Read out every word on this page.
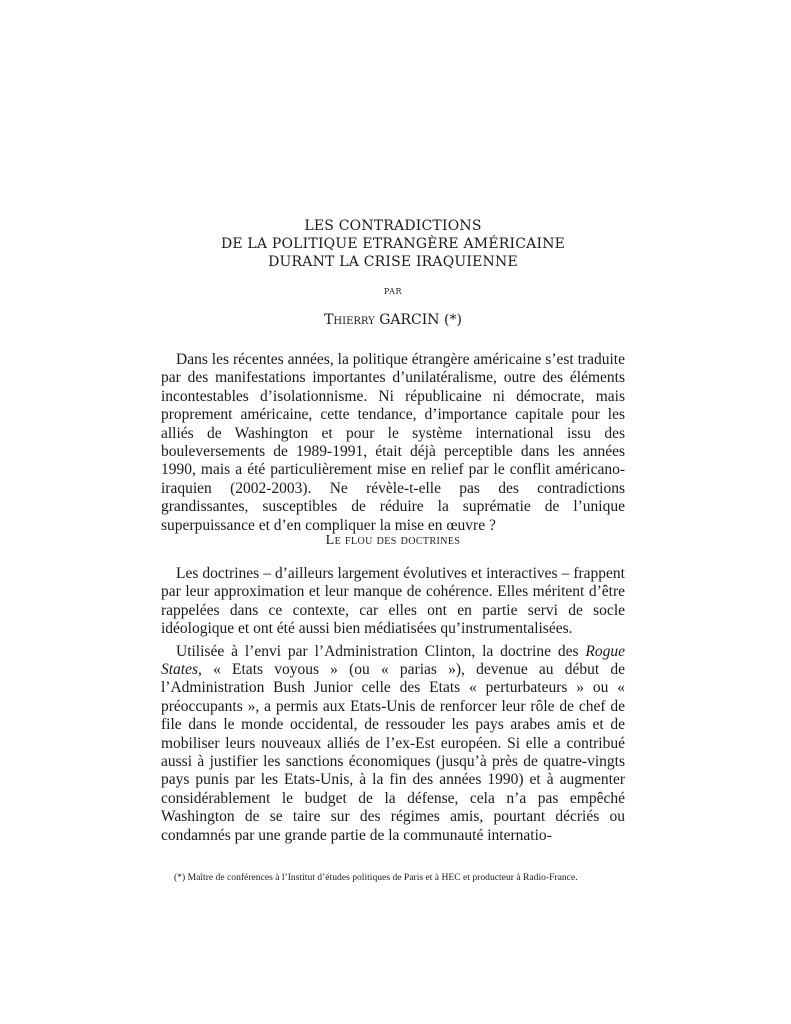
LES CONTRADICTIONS
DE LA POLITIQUE ETRANGÈRE AMÉRICAINE
DURANT LA CRISE IRAQUIENNE
PAR
Thierry GARCIN (*)

Dans les récentes années, la politique étrangère américaine s’est traduite par des manifestations importantes d’unilatéralisme, outre des éléments incontestables d’isolationnisme. Ni républicaine ni démocrate, mais proprement américaine, cette tendance, d’importance capitale pour les alliés de Washington et pour le système international issu des bouleversements de 1989-1991, était déjà perceptible dans les années 1990, mais a été particulièrement mise en relief par le conflit américano-iraquien (2002-2003). Ne révèle-t-elle pas des contradictions grandissantes, susceptibles de réduire la suprématie de l’unique superpuissance et d’en compliquer la mise en œuvre ?

Le flou des doctrines

Les doctrines – d’ailleurs largement évolutives et interactives – frappent par leur approximation et leur manque de cohérence. Elles méritent d’être rappelées dans ce contexte, car elles ont en partie servi de socle idéologique et ont été aussi bien médiatisées qu’instrumentalisées.

Utilisée à l’envi par l’Administration Clinton, la doctrine des Rogue States, « Etats voyous » (ou « parias »), devenue au début de l’Administration Bush Junior celle des Etats « perturbateurs » ou « préoccupants », a permis aux Etats-Unis de renforcer leur rôle de chef de file dans le monde occidental, de ressouder les pays arabes amis et de mobiliser leurs nouveaux alliés de l’ex-Est européen. Si elle a contribué aussi à justifier les sanctions économiques (jusqu’à près de quatre-vingts pays punis par les Etats-Unis, à la fin des années 1990) et à augmenter considérablement le budget de la défense, cela n’a pas empêché Washington de se taire sur des régimes amis, pourtant décriés ou condamnés par une grande partie de la communauté internatio-

(*) Maître de conférences à l’Institut d’études politiques de Paris et à HEC et producteur à Radio-France.
